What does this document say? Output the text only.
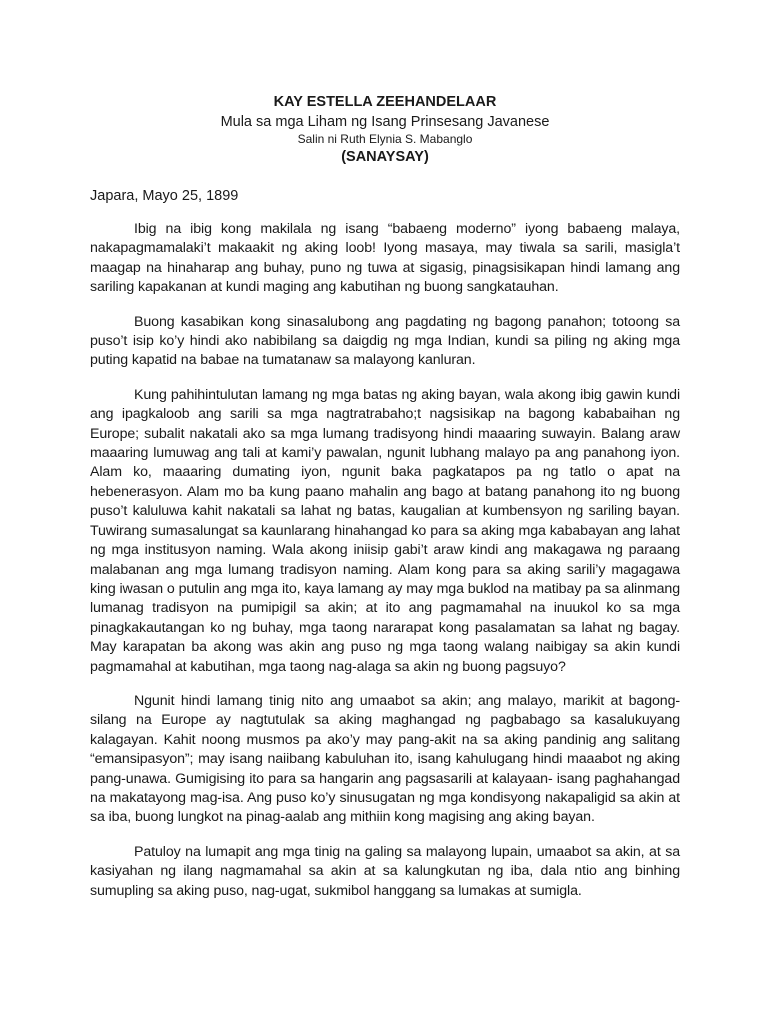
KAY ESTELLA ZEEHANDELAAR

Mula sa mga Liham ng Isang Prinsesang Javanese

Salin ni Ruth Elynia S. Mabanglo

(SANAYSAY)

Japara, Mayo 25, 1899

Ibig na ibig kong makilala ng isang “babaeng moderno” iyong babaeng malaya, nakapagmamalaki’t makaakit ng aking loob! Iyong masaya, may tiwala sa sarili, masigla’t maagap na hinaharap ang buhay, puno ng tuwa at sigasig, pinagsisikapan hindi lamang ang sariling kapakanan at kundi maging ang kabutihan ng buong sangkatauhan.

Buong kasabikan kong sinasalubong ang pagdating ng bagong panahon; totoong sa puso’t isip ko’y hindi ako nabibilang sa daigdig ng mga Indian, kundi sa piling ng aking mga puting kapatid na babae na tumatanaw sa malayong kanluran.

Kung pahihintulutan lamang ng mga batas ng aking bayan, wala akong ibig gawin kundi ang ipagkaloob ang sarili sa mga nagtratrabaho;t nagsisikap na bagong kababaihan ng Europe; subalit nakatali ako sa mga lumang tradisyong hindi maaaring suwayin. Balang araw maaaring lumuwag ang tali at kami’y pawalan, ngunit lubhang malayo pa ang panahong iyon. Alam ko, maaaring dumating iyon, ngunit baka pagkatapos pa ng tatlo o apat na hebenerasyon. Alam mo ba kung paano mahalin ang bago at batang panahong ito ng buong puso’t kaluluwa kahit nakatali sa lahat ng batas, kaugalian at kumbensyon ng sariling bayan. Tuwirang sumasalungat sa kaunlarang hinahangad ko para sa aking mga kababayan ang lahat ng mga institusyon naming. Wala akong iniisip gabi’t araw kindi ang makagawa ng paraang malabanan ang mga lumang tradisyon naming. Alam kong para sa aking sarili’y magagawa king iwasan o putulin ang mga ito, kaya lamang ay may mga buklod na matibay pa sa alinmang lumanag tradisyon na pumipigil sa akin; at ito ang pagmamahal na inuukol ko sa mga pinagkakautangan ko ng buhay, mga taong nararapat kong pasalamatan sa lahat ng bagay. May karapatan ba akong was akin ang puso ng mga taong walang naibigay sa akin kundi pagmamahal at kabutihan, mga taong nag-alaga sa akin ng buong pagsuyo?

Ngunit hindi lamang tinig nito ang umaabot sa akin; ang malayo, marikit at bagong-silang na Europe ay nagtutulak sa aking maghangad ng pagbabago sa kasalukuyang kalagayan. Kahit noong musmos pa ako’y may pang-akit na sa aking pandinig ang salitang “emansipasyon”; may isang naiibang kabuluhan ito, isang kahulugang hindi maaabot ng aking pang-unawa. Gumigising ito para sa hangarin ang pagsasarili at kalayaan- isang paghahangad na makatayong mag-isa. Ang puso ko’y sinusugatan ng mga kondisyong nakapaligid sa akin at sa iba, buong lungkot na pinag-aalab ang mithiin kong magising ang aking bayan.

Patuloy na lumapit ang mga tinig na galing sa malayong lupain, umaabot sa akin, at sa kasiyahan ng ilang nagmamahal sa akin at sa kalungkutan ng iba, dala ntio ang binhing sumupling sa aking puso, nag-ugat, sukmibol hanggang sa lumakas at sumigla.
